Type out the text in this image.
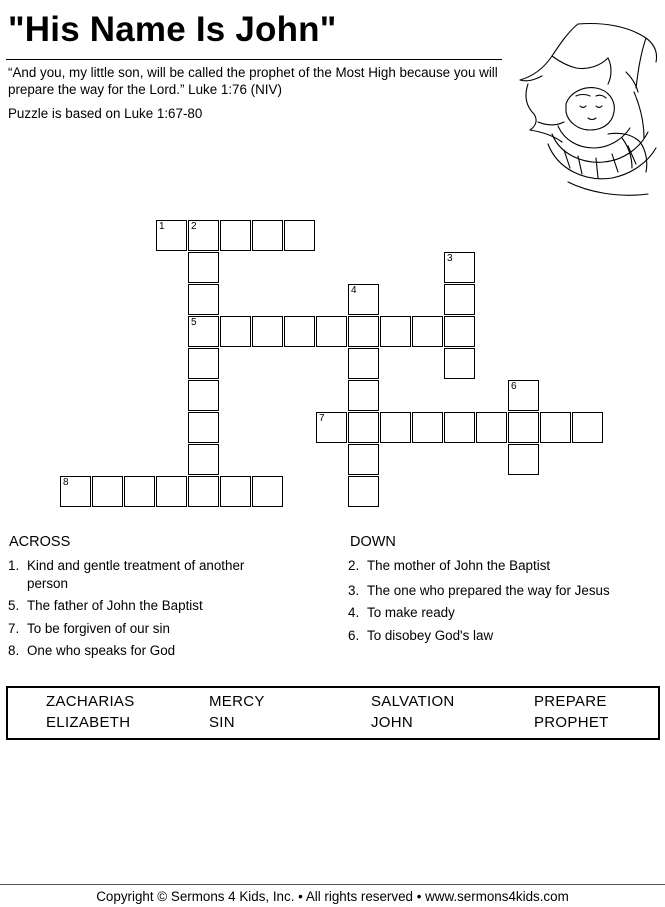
"His Name Is John"
“And you, my little son, will be called the prophet of the Most High because you will prepare the way for the Lord.” Luke 1:76 (NIV)
Puzzle is based on Luke 1:67-80
1	2
3
4
5
6
7
8
ACROSS
1. Kind and gentle treatment of another person
5. The father of John the Baptist
7. To be forgiven of our sin
8. One who speaks for God
DOWN
2. The mother of John the Baptist
3. The one who prepared the way for Jesus
4. To make ready
6. To disobey God's law
ZACHARIAS	MERCY	SALVATION	PREPARE
ELIZABETH	SIN	JOHN	PROPHET
Copyright © Sermons 4 Kids, Inc. • All rights reserved • www.sermons4kids.com
